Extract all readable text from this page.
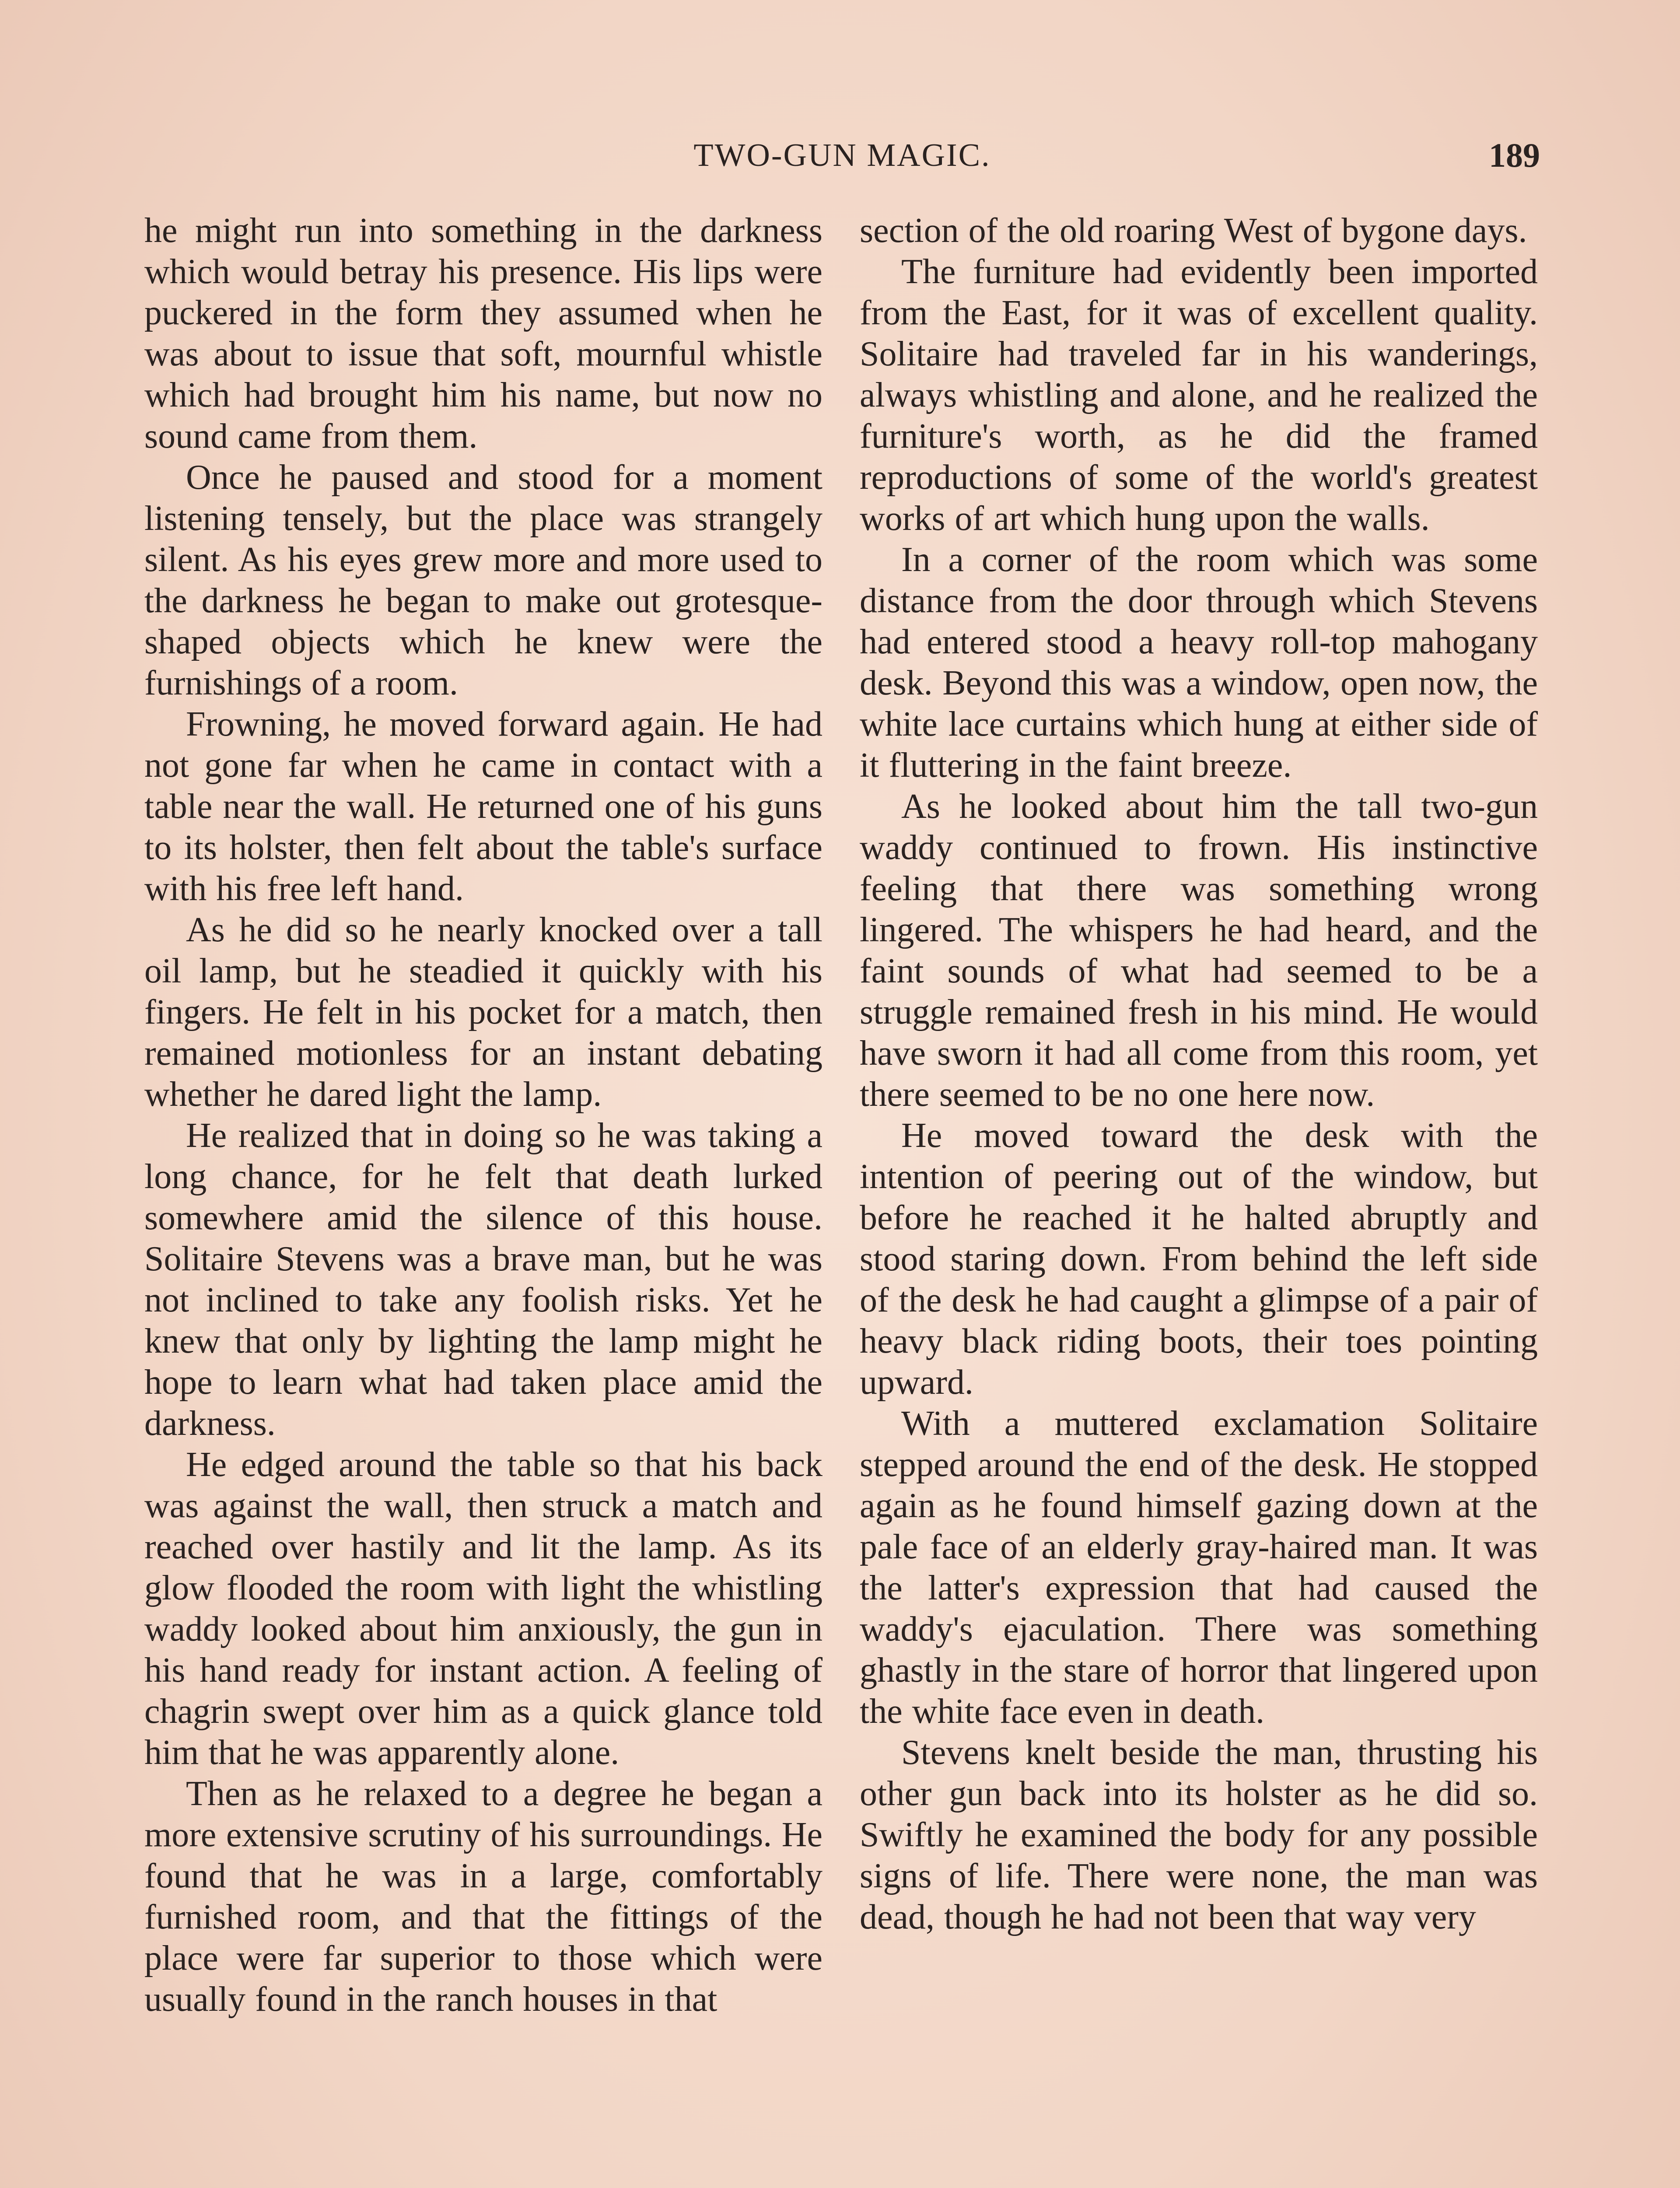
TWO-GUN MAGIC.	189

he might run into something in the darkness which would betray his presence. His lips were puckered in the form they assumed when he was about to issue that soft, mournful whistle which had brought him his name, but now no sound came from them.

Once he paused and stood for a moment listening tensely, but the place was strangely silent. As his eyes grew more and more used to the darkness he began to make out grotesque-shaped objects which he knew were the furnishings of a room.

Frowning, he moved forward again. He had not gone far when he came in contact with a table near the wall. He returned one of his guns to its holster, then felt about the table's surface with his free left hand.

As he did so he nearly knocked over a tall oil lamp, but he steadied it quickly with his fingers. He felt in his pocket for a match, then remained motionless for an instant debating whether he dared light the lamp.

He realized that in doing so he was taking a long chance, for he felt that death lurked somewhere amid the silence of this house. Solitaire Stevens was a brave man, but he was not inclined to take any foolish risks. Yet he knew that only by lighting the lamp might he hope to learn what had taken place amid the darkness.

He edged around the table so that his back was against the wall, then struck a match and reached over hastily and lit the lamp. As its glow flooded the room with light the whistling waddy looked about him anxiously, the gun in his hand ready for instant action. A feeling of chagrin swept over him as a quick glance told him that he was apparently alone.

Then as he relaxed to a degree he began a more extensive scrutiny of his surroundings. He found that he was in a large, comfortably furnished room, and that the fittings of the place were far superior to those which were usually found in the ranch houses in that

section of the old roaring West of bygone days.

The furniture had evidently been imported from the East, for it was of excellent quality. Solitaire had traveled far in his wanderings, always whistling and alone, and he realized the furniture's worth, as he did the framed reproductions of some of the world's greatest works of art which hung upon the walls.

In a corner of the room which was some distance from the door through which Stevens had entered stood a heavy roll-top mahogany desk. Beyond this was a window, open now, the white lace curtains which hung at either side of it fluttering in the faint breeze.

As he looked about him the tall two-gun waddy continued to frown. His instinctive feeling that there was something wrong lingered. The whispers he had heard, and the faint sounds of what had seemed to be a struggle remained fresh in his mind. He would have sworn it had all come from this room, yet there seemed to be no one here now.

He moved toward the desk with the intention of peering out of the window, but before he reached it he halted abruptly and stood staring down. From behind the left side of the desk he had caught a glimpse of a pair of heavy black riding boots, their toes pointing upward.

With a muttered exclamation Solitaire stepped around the end of the desk. He stopped again as he found himself gazing down at the pale face of an elderly gray-haired man. It was the latter's expression that had caused the waddy's ejaculation. There was something ghastly in the stare of horror that lingered upon the white face even in death.

Stevens knelt beside the man, thrusting his other gun back into its holster as he did so. Swiftly he examined the body for any possible signs of life. There were none, the man was dead, though he had not been that way very
